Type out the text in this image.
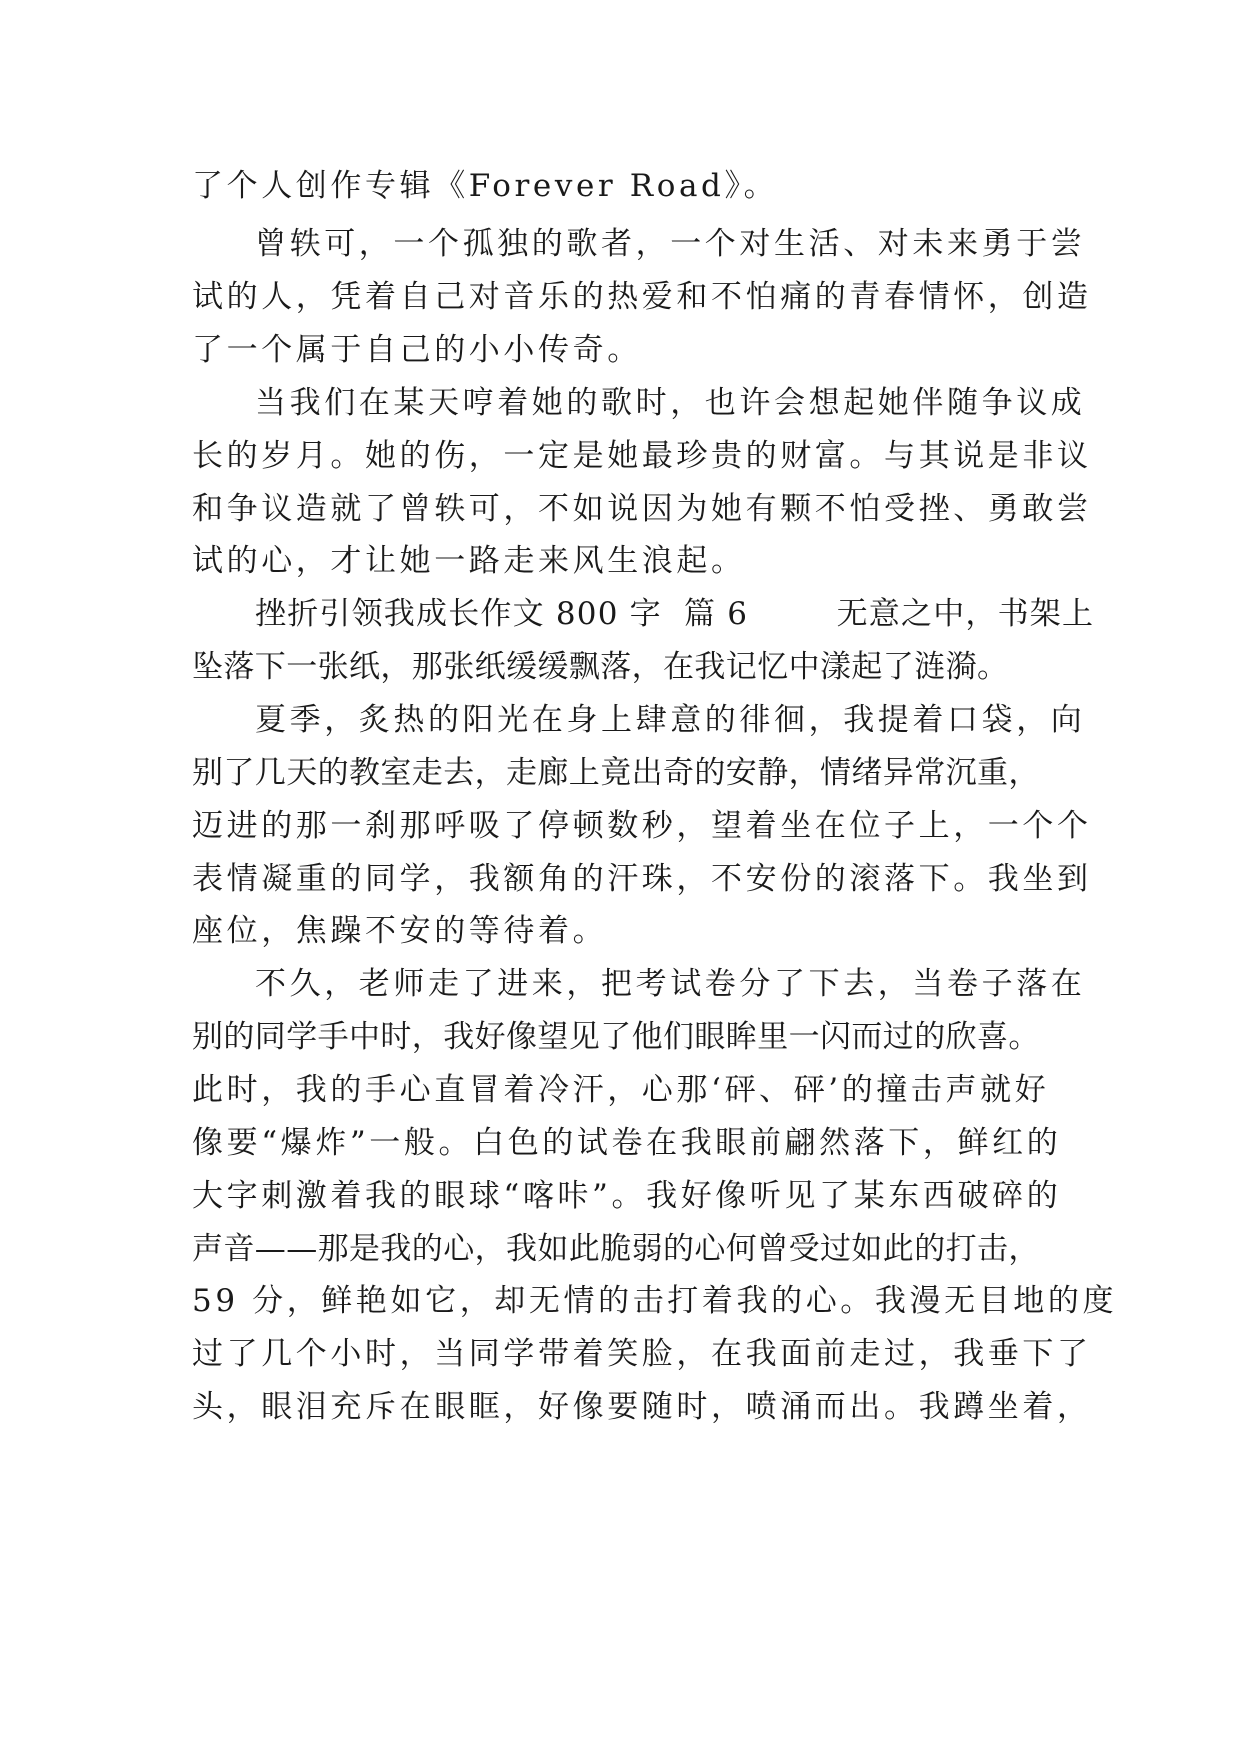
了个人创作专辑《Forever Road》。
曾轶可，一个孤独的歌者，一个对生活、对未来勇于尝
试的人，凭着自己对音乐的热爱和不怕痛的青春情怀，创造
了一个属于自己的小小传奇。
当我们在某天哼着她的歌时，也许会想起她伴随争议成
长的岁月。她的伤，一定是她最珍贵的财富。与其说是非议
和争议造就了曾轶可，不如说因为她有颗不怕受挫、勇敢尝
试的心，才让她一路走来风生浪起。
挫折引领我成长作文 800 字  篇 6        无意之中，书架上
坠落下一张纸，那张纸缓缓飘落，在我记忆中漾起了涟漪。
夏季，炙热的阳光在身上肆意的徘徊，我提着口袋，向
别了几天的教室走去，走廊上竟出奇的安静，情绪异常沉重，
迈进的那一刹那呼吸了停顿数秒，望着坐在位子上，一个个
表情凝重的同学，我额角的汗珠，不安份的滚落下。我坐到
座位，焦躁不安的等待着。
不久，老师走了进来，把考试卷分了下去，当卷子落在
别的同学手中时，我好像望见了他们眼眸里一闪而过的欣喜。
此时，我的手心直冒着冷汗，心那‘砰、砰’的撞击声就好
像要“爆炸”一般。白色的试卷在我眼前翩然落下，鲜红的
大字刺激着我的眼球“喀咔”。我好像听见了某东西破碎的
声音——那是我的心，我如此脆弱的心何曾受过如此的打击，
59 分，鲜艳如它，却无情的击打着我的心。我漫无目地的度
过了几个小时，当同学带着笑脸，在我面前走过，我垂下了
头，眼泪充斥在眼眶，好像要随时，喷涌而出。我蹲坐着，
